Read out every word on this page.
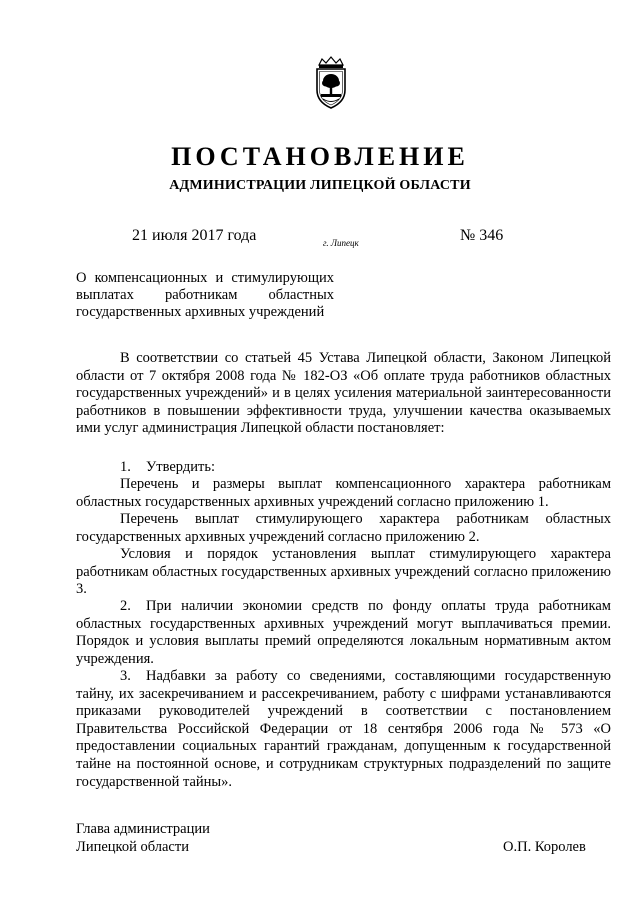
ПОСТАНОВЛЕНИЕ
АДМИНИСТРАЦИИ ЛИПЕЦКОЙ ОБЛАСТИ
21 июля 2017 года	г. Липецк	№ 346

О компенсационных и стимулирующих выплатах работникам областных государственных архивных учреждений

В соответствии со статьей 45 Устава Липецкой области, Законом Липецкой области от 7 октября 2008 года № 182-ОЗ «Об оплате труда работников областных государственных учреждений» и в целях усиления материальной заинтересованности работников в повышении эффективности труда, улучшении качества оказываемых ими услуг администрация Липецкой области постановляет:

1. Утвердить:

Перечень и размеры выплат компенсационного характера работникам областных государственных архивных учреждений согласно приложению 1.

Перечень выплат стимулирующего характера работникам областных государственных архивных учреждений согласно приложению 2.

Условия и порядок установления выплат стимулирующего характера работникам областных государственных архивных учреждений согласно приложению 3.

2. При наличии экономии средств по фонду оплаты труда работникам областных государственных архивных учреждений могут выплачиваться премии. Порядок и условия выплаты премий определяются локальным нормативным актом учреждения.

3. Надбавки за работу со сведениями, составляющими государственную тайну, их засекречиванием и рассекречиванием, работу с шифрами устанавливаются приказами руководителей учреждений в соответствии с постановлением Правительства Российской Федерации от 18 сентября 2006 года № 573 «О предоставлении социальных гарантий гражданам, допущенным к государственной тайне на постоянной основе, и сотрудникам структурных подразделений по защите государственной тайны».

Глава администрации
Липецкой области	О.П. Королев
